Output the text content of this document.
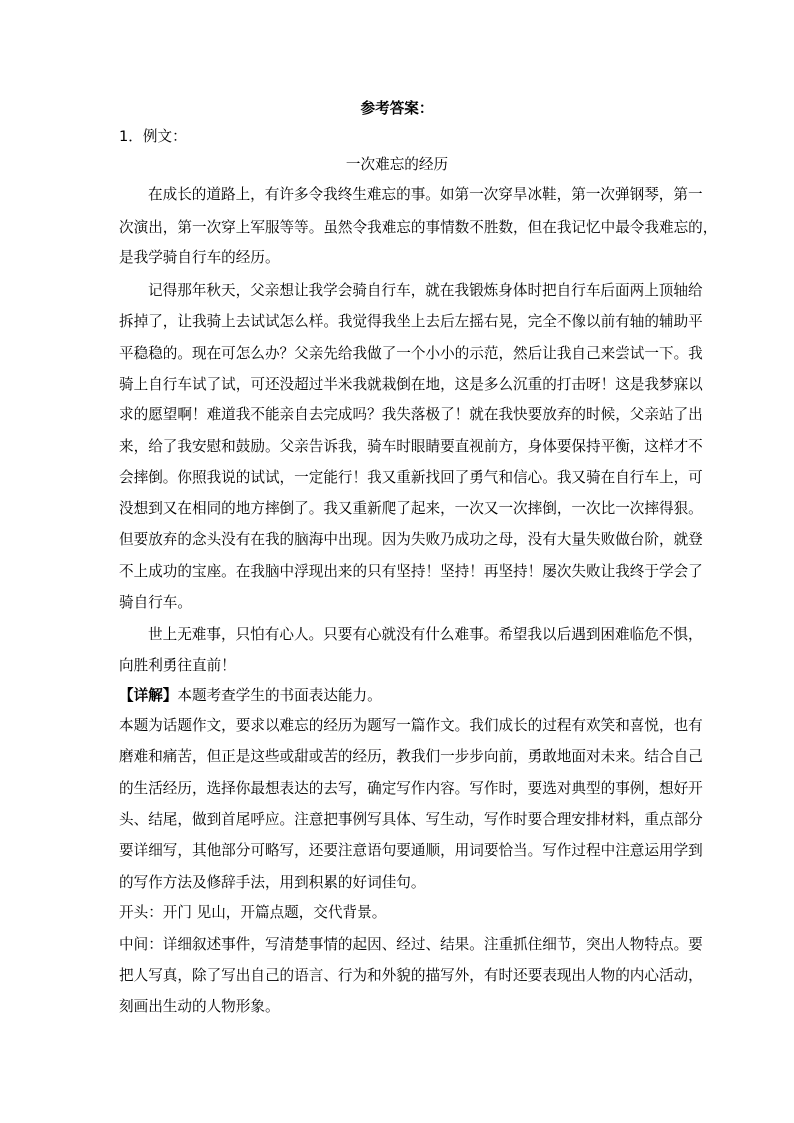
参考答案：
1．例文：
一次难忘的经历
在成长的道路上，有许多令我终生难忘的事。如第一次穿旱冰鞋，第一次弹钢琴，第一
次演出，第一次穿上军服等等。虽然令我难忘的事情数不胜数，但在我记忆中最令我难忘的，
是我学骑自行车的经历。
记得那年秋天，父亲想让我学会骑自行车，就在我锻炼身体时把自行车后面两上顶轴给
拆掉了，让我骑上去试试怎么样。我觉得我坐上去后左摇右晃，完全不像以前有轴的辅助平
平稳稳的。现在可怎么办？父亲先给我做了一个小小的示范，然后让我自己来尝试一下。我
骑上自行车试了试，可还没超过半米我就栽倒在地，这是多么沉重的打击呀！这是我梦寐以
求的愿望啊！难道我不能亲自去完成吗？我失落极了！就在我快要放弃的时候，父亲站了出
来，给了我安慰和鼓励。父亲告诉我，骑车时眼睛要直视前方，身体要保持平衡，这样才不
会摔倒。你照我说的试试，一定能行！我又重新找回了勇气和信心。我又骑在自行车上，可
没想到又在相同的地方摔倒了。我又重新爬了起来，一次又一次摔倒，一次比一次摔得狠。
但要放弃的念头没有在我的脑海中出现。因为失败乃成功之母，没有大量失败做台阶，就登
不上成功的宝座。在我脑中浮现出来的只有坚持！坚持！再坚持！屡次失败让我终于学会了
骑自行车。
世上无难事，只怕有心人。只要有心就没有什么难事。希望我以后遇到困难临危不惧，
向胜利勇往直前！
【详解】本题考查学生的书面表达能力。
本题为话题作文，要求以难忘的经历为题写一篇作文。我们成长的过程有欢笑和喜悦，也有
磨难和痛苦，但正是这些或甜或苦的经历，教我们一步步向前，勇敢地面对未来。结合自己
的生活经历，选择你最想表达的去写，确定写作内容。写作时，要选对典型的事例，想好开
头、结尾，做到首尾呼应。注意把事例写具体、写生动，写作时要合理安排材料，重点部分
要详细写，其他部分可略写，还要注意语句要通顺，用词要恰当。写作过程中注意运用学到
的写作方法及修辞手法，用到积累的好词佳句。
开头：开门 见山，开篇点题，交代背景。
中间：详细叙述事件，写清楚事情的起因、经过、结果。注重抓住细节，突出人物特点。要
把人写真，除了写出自己的语言、行为和外貌的描写外，有时还要表现出人物的内心活动，
刻画出生动的人物形象。
